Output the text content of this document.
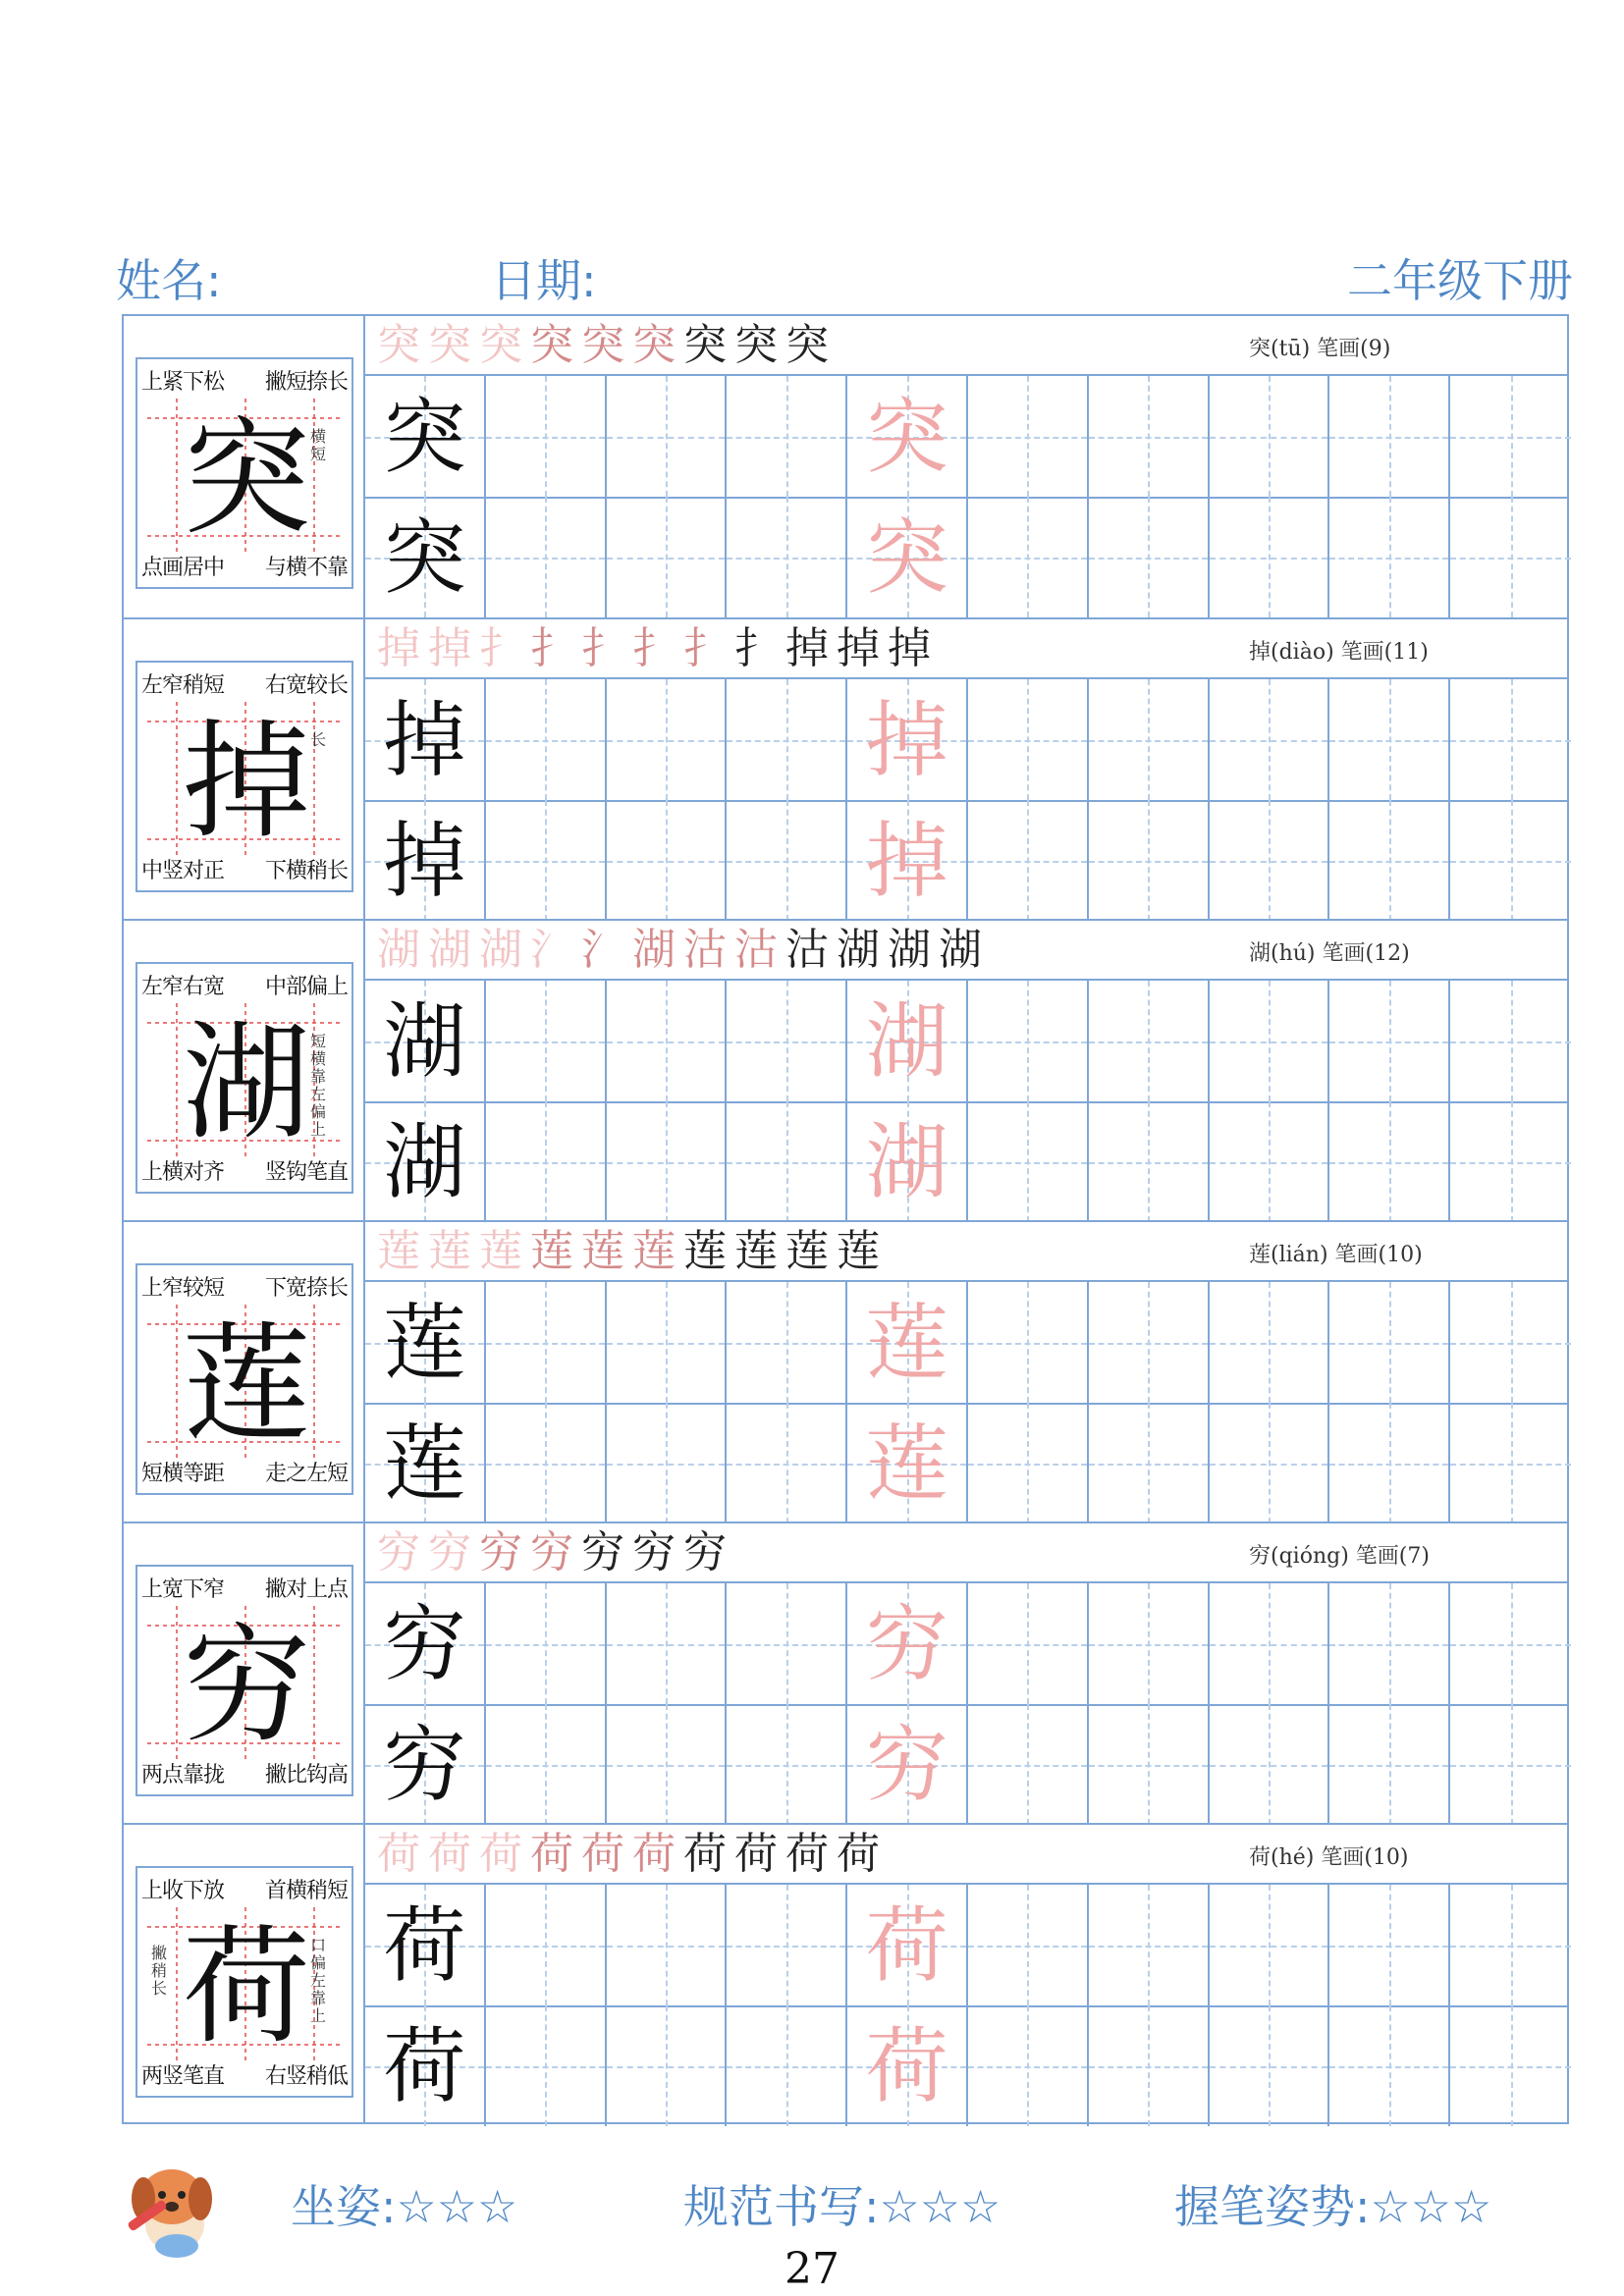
姓名:	日期:	二年级下册
上紧下松 撇短捺长
点画居中 与横不靠
突 横短
突 突 突 突 突 突 突 突 突	突(tū) 笔画(9)
突	突
突	突
左窄稍短 右宽较长
中竖对正 下横稍长
掉 长
掉 掉 扌 扌 扌 扌 扌 扌 掉 掉 掉	掉(diào) 笔画(11)
掉	掉
掉	掉
左窄右宽 中部偏上
上横对齐 竖钩笔直
湖 短横靠左偏上
湖 湖 湖 氵 氵 湖 沽 沽 沽 湖 湖 湖	湖(hú) 笔画(12)
湖	湖
湖	湖
上窄较短 下宽捺长
短横等距 走之左短
莲
莲 莲 莲 莲 莲 莲 莲 莲 莲 莲	莲(lián) 笔画(10)
莲	莲
莲	莲
上宽下窄 撇对上点
两点靠拢 撇比钩高
穷
穷 穷 穷 穷 穷 穷 穷	穷(qióng) 笔画(7)
穷	穷
穷	穷
上收下放 首横稍短
两竖笔直 右竖稍低
荷 口偏左靠上
撇稍长
荷 荷 荷 荷 荷 荷 荷 荷 荷 荷	荷(hé) 笔画(10)
荷	荷
荷	荷
坐姿:☆☆☆	规范书写:☆☆☆	握笔姿势:☆☆☆
27
